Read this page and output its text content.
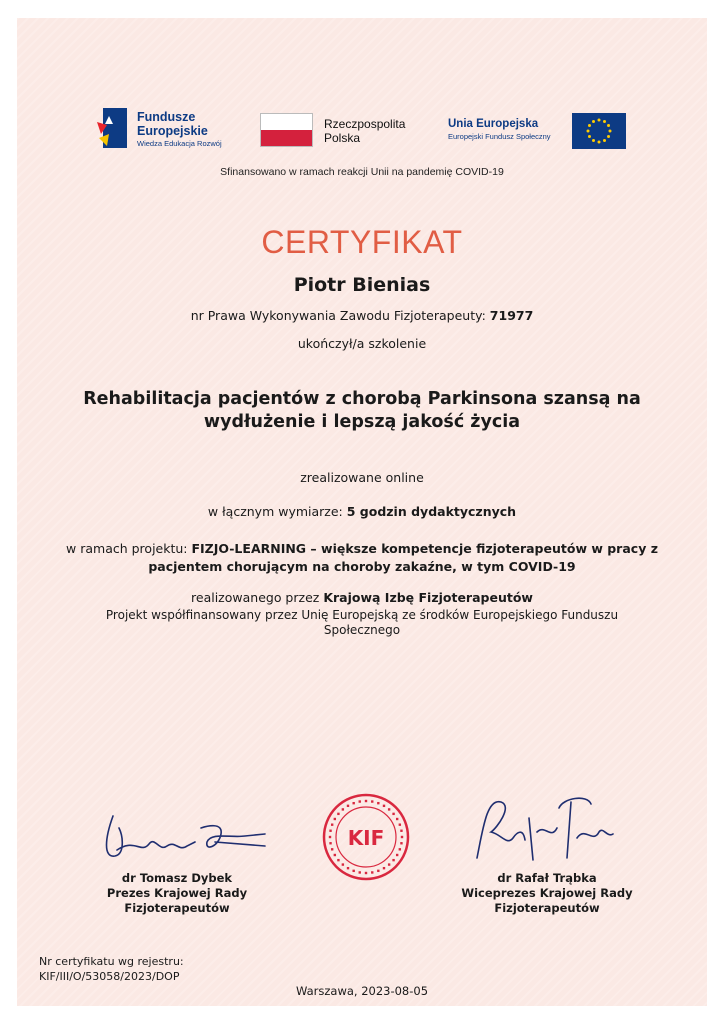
Fundusze
Europejskie
Wiedza Edukacja Rozwój
Rzeczpospolita
Polska
Unia Europejska
Europejski Fundusz Społeczny
Sfinansowano w ramach reakcji Unii na pandemię COVID-19
CERTYFIKAT
Piotr Bienias
nr Prawa Wykonywania Zawodu Fizjoterapeuty: 71977
ukończył/a szkolenie
Rehabilitacja pacjentów z chorobą Parkinsona szansą na wydłużenie i lepszą jakość życia
zrealizowane online
w łącznym wymiarze: 5 godzin dydaktycznych
w ramach projektu: FIZJO-LEARNING – większe kompetencje fizjoterapeutów w pracy z pacjentem chorującym na choroby zakaźne, w tym COVID-19
realizowanego przez Krajową Izbę Fizjoterapeutów
Projekt współfinansowany przez Unię Europejską ze środków Europejskiego Funduszu Społecznego
KIF
dr Tomasz Dybek
Prezes Krajowej Rady
Fizjoterapeutów
dr Rafał Trąbka
Wiceprezes Krajowej Rady
Fizjoterapeutów
Nr certyfikatu wg rejestru:
KIF/III/O/53058/2023/DOP
Warszawa, 2023-08-05
